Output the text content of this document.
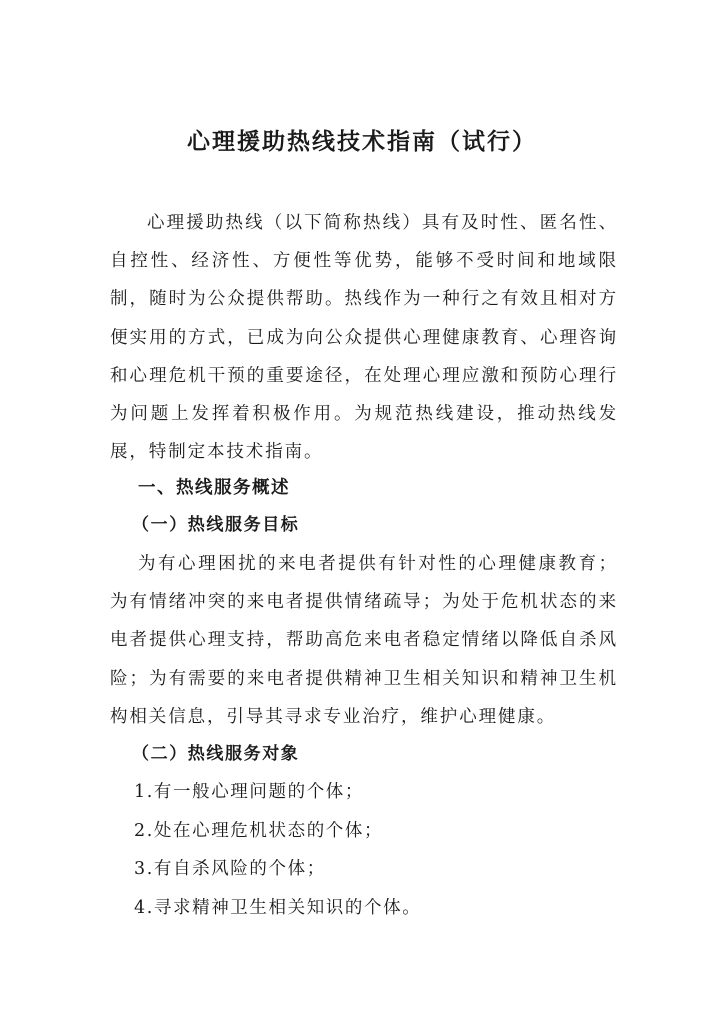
心理援助热线技术指南（试行）

心理援助热线（以下简称热线）具有及时性、匿名性、自控性、经济性、方便性等优势，能够不受时间和地域限制，随时为公众提供帮助。热线作为一种行之有效且相对方便实用的方式，已成为向公众提供心理健康教育、心理咨询和心理危机干预的重要途径，在处理心理应激和预防心理行为问题上发挥着积极作用。为规范热线建设，推动热线发展，特制定本技术指南。

一、热线服务概述
（一）热线服务目标

为有心理困扰的来电者提供有针对性的心理健康教育；为有情绪冲突的来电者提供情绪疏导；为处于危机状态的来电者提供心理支持，帮助高危来电者稳定情绪以降低自杀风险；为有需要的来电者提供精神卫生相关知识和精神卫生机构相关信息，引导其寻求专业治疗，维护心理健康。

（二）热线服务对象
1.有一般心理问题的个体；
2.处在心理危机状态的个体；
3.有自杀风险的个体；
4.寻求精神卫生相关知识的个体。
